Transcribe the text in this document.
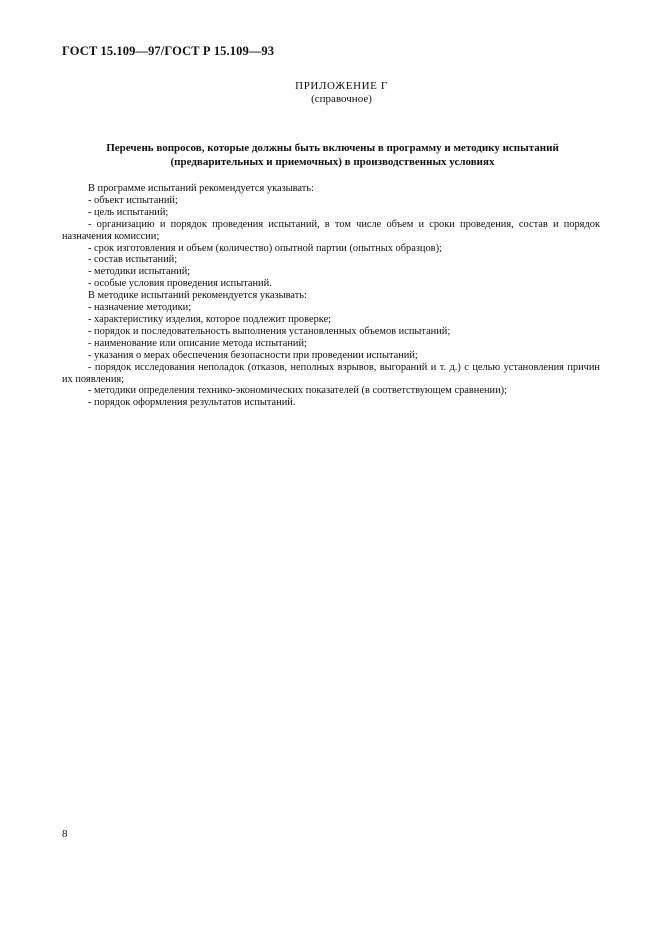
ГОСТ 15.109—97/ГОСТ Р 15.109—93
ПРИЛОЖЕНИЕ Г
(справочное)
Перечень вопросов, которые должны быть включены в программу и методику испытаний
(предварительных и приемочных) в производственных условиях

В программе испытаний рекомендуется указывать:

- объект испытаний;

- цель испытаний;

- организацию и порядок проведения испытаний, в том числе объем и сроки проведения, состав и порядок назначения комиссии;

- срок изготовления и объем (количество) опытной партии (опытных образцов);

- состав испытаний;

- методики испытаний;

- особые условия проведения испытаний.

В методике испытаний рекомендуется указывать:

- назначение методики;

- характеристику изделия, которое подлежит проверке;

- порядок и последовательность выполнения установленных объемов испытаний;

- наименование или описание метода испытаний;

- указания о мерах обеспечения безопасности при проведении испытаний;

- порядок исследования неполадок (отказов, неполных взрывов, выгораний и т. д.) с целью установления причин их появления;

- методики определения технико-экономических показателей (в соответствующем сравнении);

- порядок оформления результатов испытаний.

8
